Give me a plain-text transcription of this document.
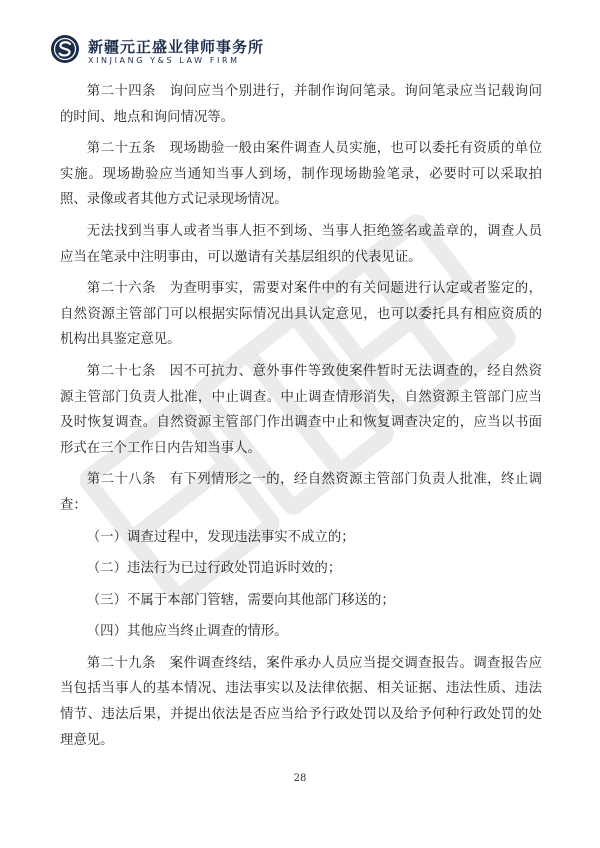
新疆元正盛业律师事务所
XINJIANG Y&S LAW FIRM

第二十四条　询问应当个别进行，并制作询问笔录。询问笔录应当记载询问的时间、地点和询问情况等。

第二十五条　现场勘验一般由案件调查人员实施，也可以委托有资质的单位实施。现场勘验应当通知当事人到场，制作现场勘验笔录，必要时可以采取拍照、录像或者其他方式记录现场情况。

无法找到当事人或者当事人拒不到场、当事人拒绝签名或盖章的，调查人员应当在笔录中注明事由，可以邀请有关基层组织的代表见证。

第二十六条　为查明事实，需要对案件中的有关问题进行认定或者鉴定的，自然资源主管部门可以根据实际情况出具认定意见，也可以委托具有相应资质的机构出具鉴定意见。

第二十七条　因不可抗力、意外事件等致使案件暂时无法调查的，经自然资源主管部门负责人批准，中止调查。中止调查情形消失，自然资源主管部门应当及时恢复调查。自然资源主管部门作出调查中止和恢复调查决定的，应当以书面形式在三个工作日内告知当事人。

第二十八条　有下列情形之一的，经自然资源主管部门负责人批准，终止调查：

（一）调查过程中，发现违法事实不成立的；

（二）违法行为已过行政处罚追诉时效的；

（三）不属于本部门管辖，需要向其他部门移送的；

（四）其他应当终止调查的情形。

第二十九条　案件调查终结，案件承办人员应当提交调查报告。调查报告应当包括当事人的基本情况、违法事实以及法律依据、相关证据、违法性质、违法情节、违法后果，并提出依法是否应当给予行政处罚以及给予何种行政处罚的处理意见。

28
